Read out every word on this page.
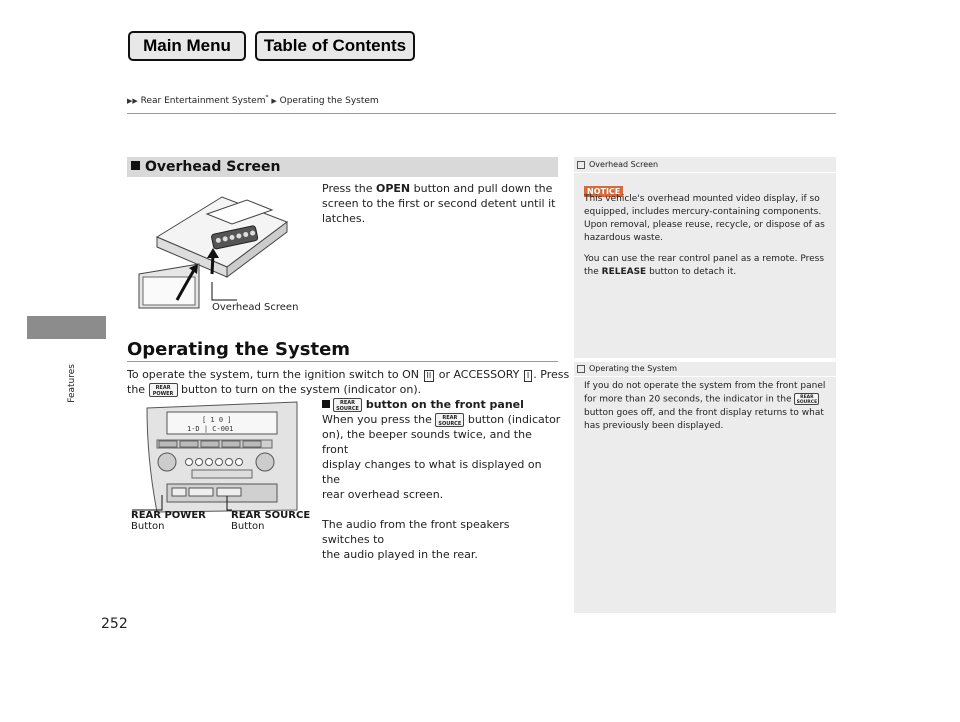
Main Menu	Table of Contents
▶▶ Rear Entertainment System* ▶ Operating the System
Features
252
Overhead Screen
Overhead Screen
Press the OPEN button and pull down the
screen to the first or second detent until it
latches.
Operating the System
To operate the system, turn the ignition switch to ON II or ACCESSORY I . Press
the REAR
POWER button to turn on the system (indicator on).
[ 1 0 ]
1-D | C-001
REAR POWER
Button
REAR SOURCE
Button
REAR
SOURCE button on the front panel
When you press the REAR
SOURCE button (indicator
on), the beeper sounds twice, and the front
display changes to what is displayed on the
rear overhead screen.
The audio from the front speakers switches to
the audio played in the rear.
Overhead Screen
NOTICE
This vehicle's overhead mounted video display, if so
equipped, includes mercury-containing components.
Upon removal, please reuse, recycle, or dispose of as
hazardous waste.
You can use the rear control panel as a remote. Press
the RELEASE button to detach it.
Operating the System
If you do not operate the system from the front panel
for more than 20 seconds, the indicator in the REAR
SOURCE
button goes off, and the front display returns to what
has previously been displayed.
